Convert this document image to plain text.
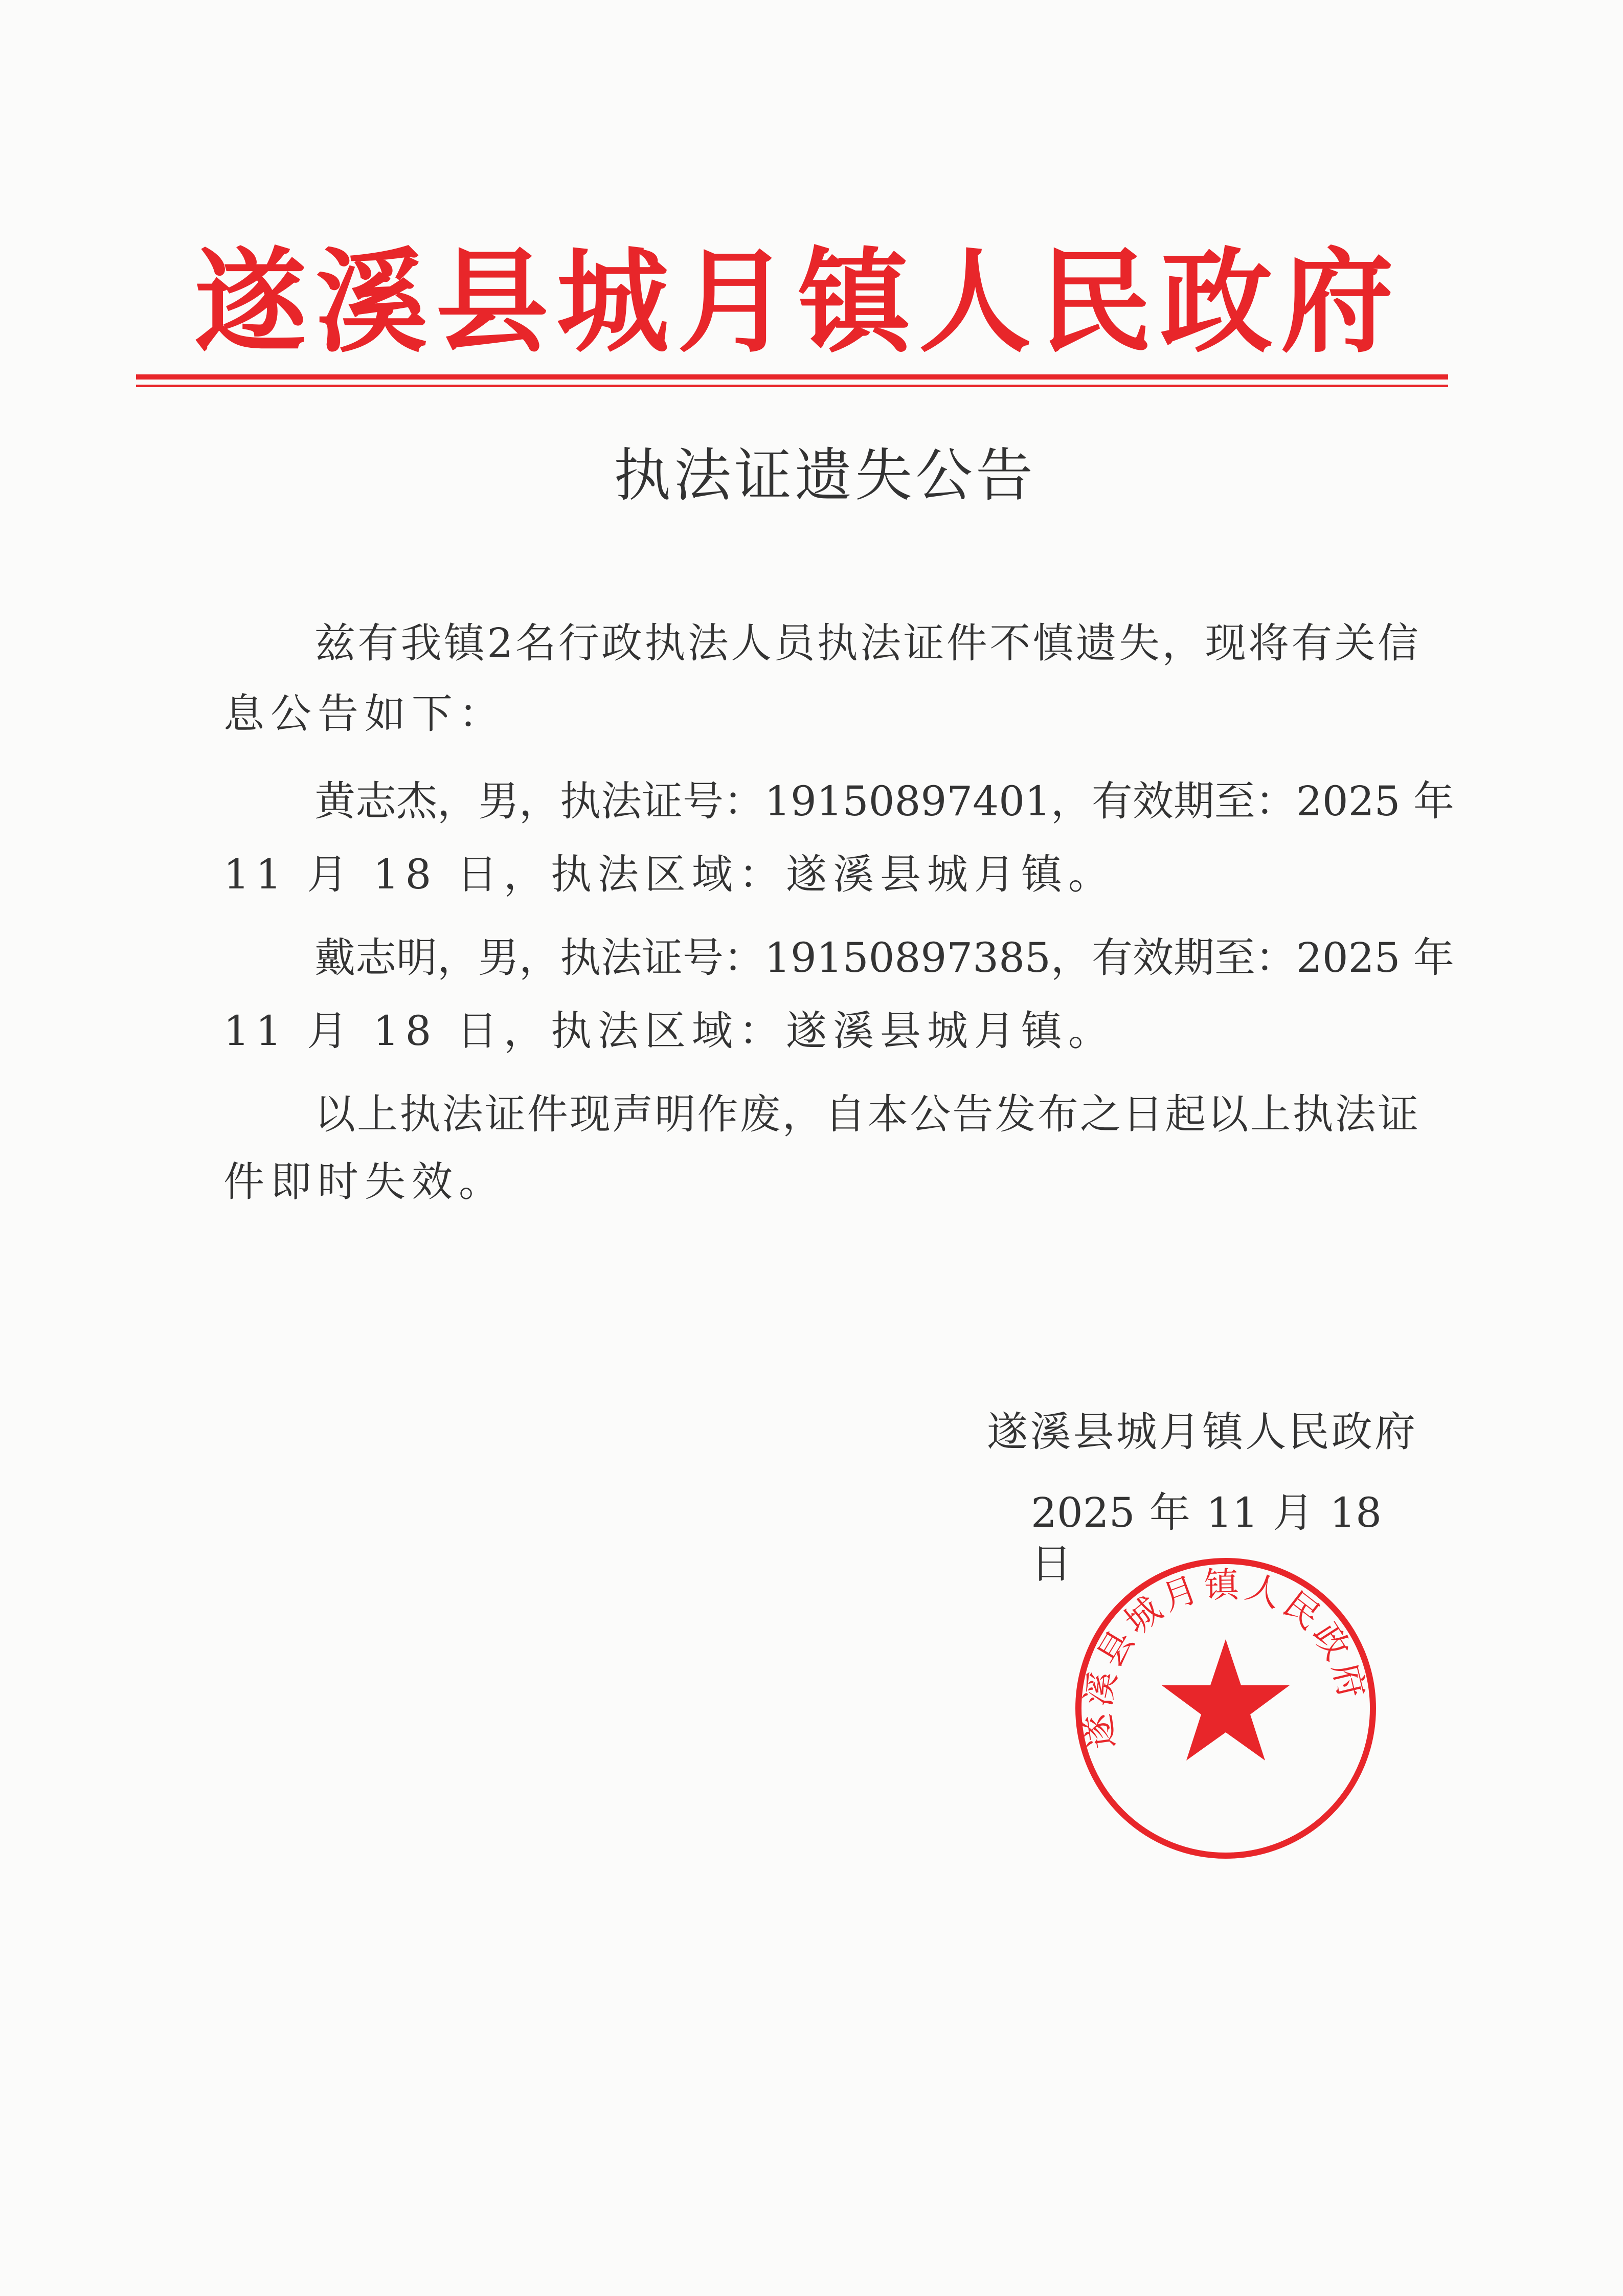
遂溪县城月镇人民政府
执法证遗失公告
兹有我镇2名行政执法人员执法证件不慎遗失，现将有关信
息公告如下：
黄志杰，男，执法证号：19150897401，有效期至：2025 年
11 月 18 日，执法区域：遂溪县城月镇。
戴志明，男，执法证号：19150897385，有效期至：2025 年
11 月 18 日，执法区域：遂溪县城月镇。
以上执法证件现声明作废，自本公告发布之日起以上执法证
件即时失效。
遂溪县城月镇人民政府
2025 年 11 月 18 日
遂溪县城月镇人民政府
